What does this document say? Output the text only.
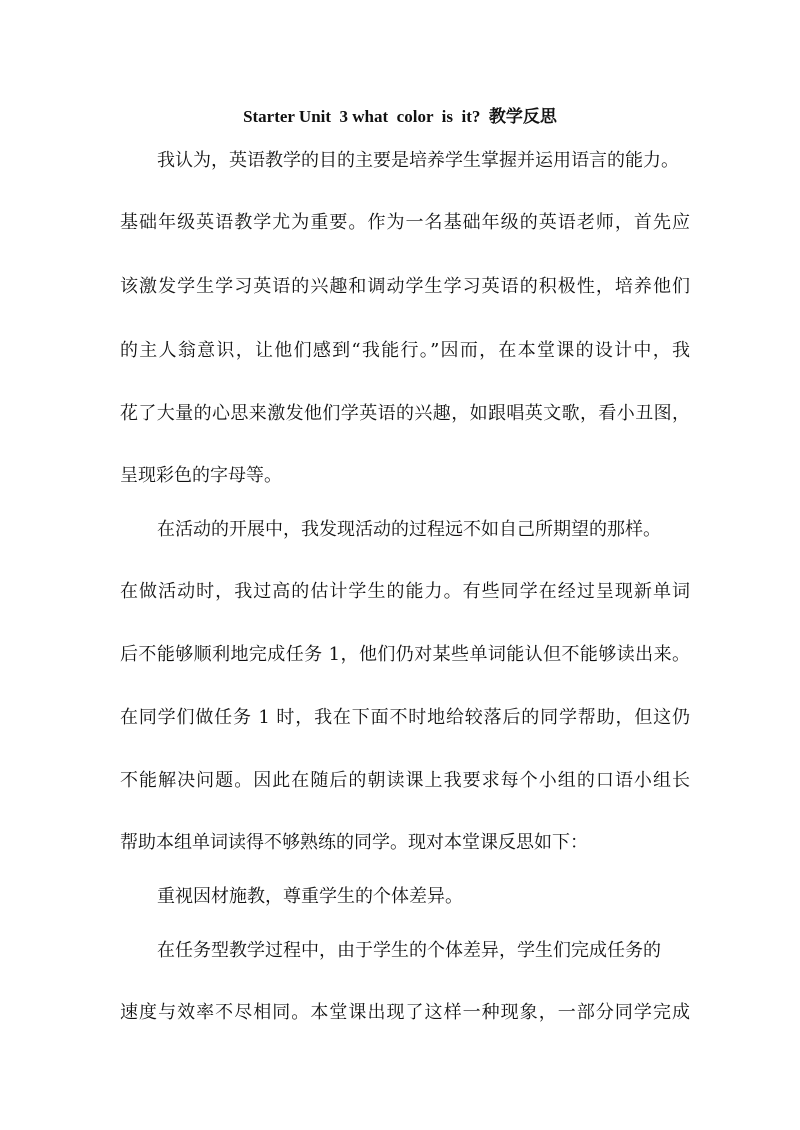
Starter Unit  3 what  color  is  it?  教学反思
我认为，英语教学的目的主要是培养学生掌握并运用语言的能力。
基础年级英语教学尤为重要。作为一名基础年级的英语老师，首先应
该激发学生学习英语的兴趣和调动学生学习英语的积极性，培养他们
的主人翁意识，让他们感到“我能行。”因而，在本堂课的设计中，我
花了大量的心思来激发他们学英语的兴趣，如跟唱英文歌，看小丑图，
呈现彩色的字母等。
在活动的开展中，我发现活动的过程远不如自己所期望的那样。
在做活动时，我过高的估计学生的能力。有些同学在经过呈现新单词
后不能够顺利地完成任务 1，他们仍对某些单词能认但不能够读出来。
在同学们做任务 1 时，我在下面不时地给较落后的同学帮助，但这仍
不能解决问题。因此在随后的朝读课上我要求每个小组的口语小组长
帮助本组单词读得不够熟练的同学。现对本堂课反思如下：
重视因材施教，尊重学生的个体差异。
在任务型教学过程中，由于学生的个体差异，学生们完成任务的
速度与效率不尽相同。本堂课出现了这样一种现象，一部分同学完成
